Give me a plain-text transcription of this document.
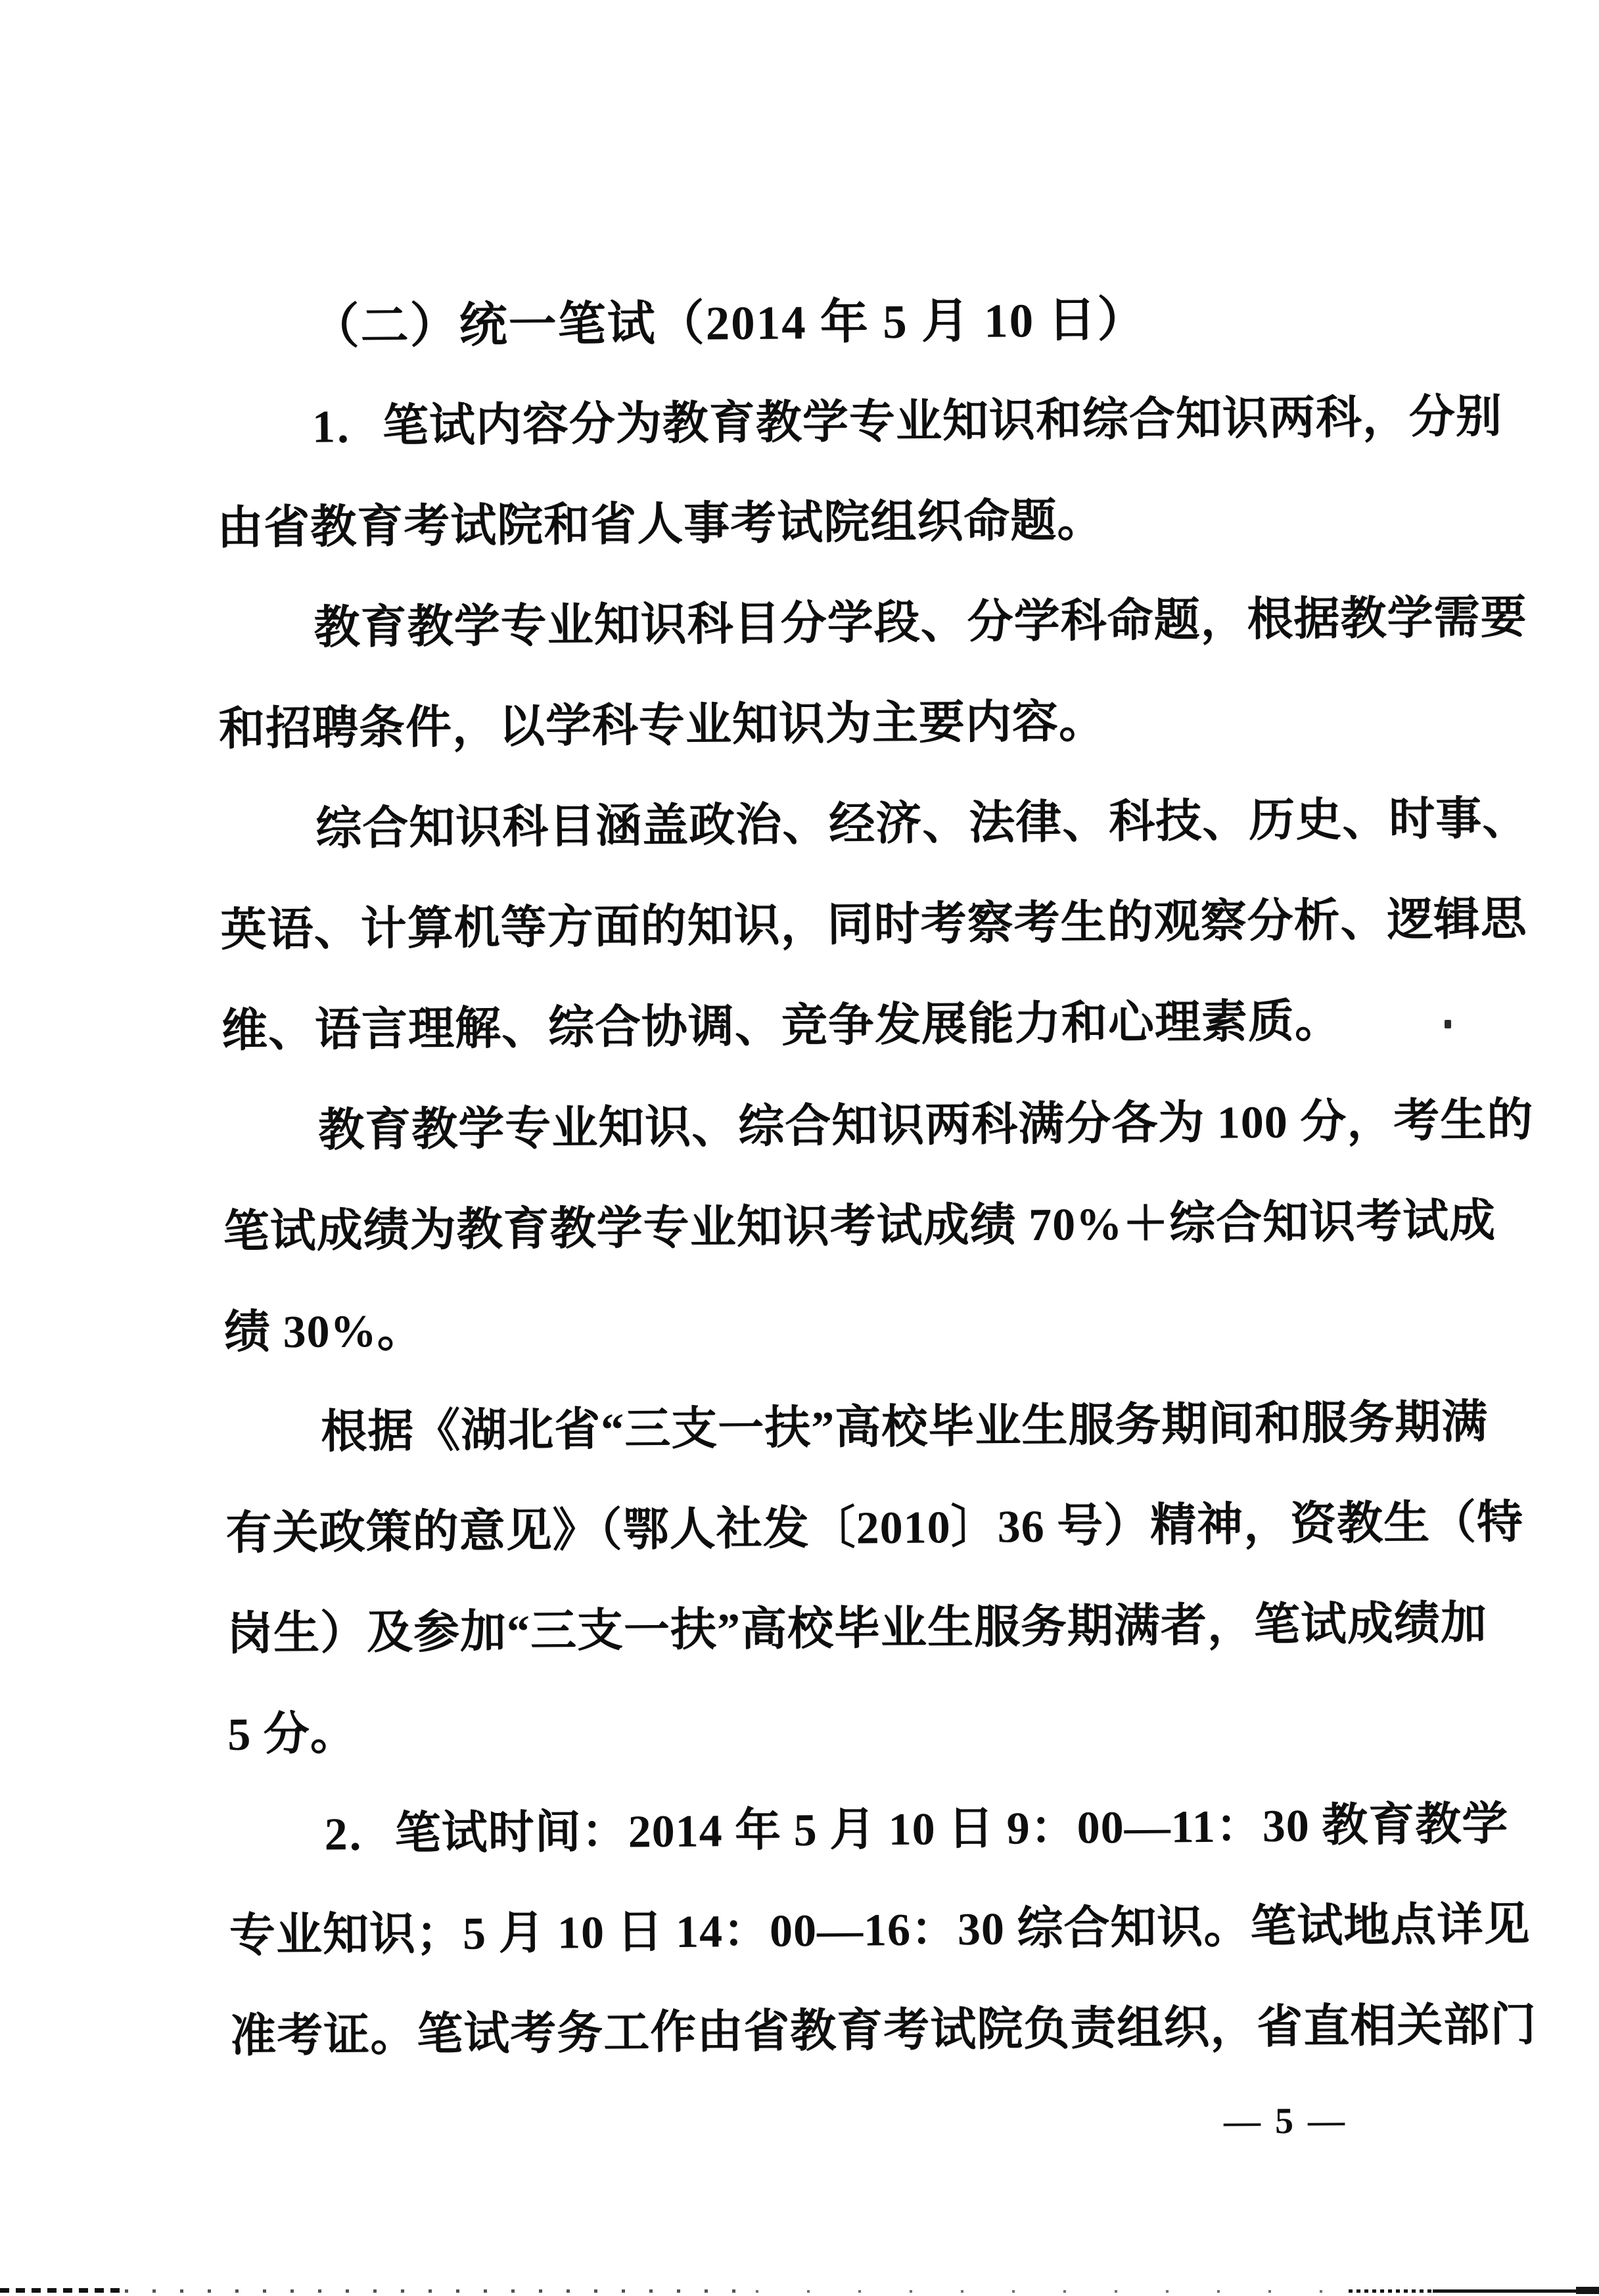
（二）统一笔试（2014 年 5 月 10 日）
1．笔试内容分为教育教学专业知识和综合知识两科，分别
由省教育考试院和省人事考试院组织命题。
教育教学专业知识科目分学段、分学科命题，根据教学需要
和招聘条件，以学科专业知识为主要内容。
综合知识科目涵盖政治、经济、法律、科技、历史、时事、
英语、计算机等方面的知识，同时考察考生的观察分析、逻辑思
维、语言理解、综合协调、竞争发展能力和心理素质。
教育教学专业知识、综合知识两科满分各为 100 分，考生的
笔试成绩为教育教学专业知识考试成绩 70%＋综合知识考试成
绩 30%。
根据《湖北省“三支一扶”高校毕业生服务期间和服务期满
有关政策的意见》（鄂人社发〔2010〕36 号）精神，资教生（特
岗生）及参加“三支一扶”高校毕业生服务期满者，笔试成绩加
5 分。
2．笔试时间：2014 年 5 月 10 日 9：00—11：30 教育教学
专业知识；5 月 10 日 14：00—16：30 综合知识。笔试地点详见
准考证。笔试考务工作由省教育考试院负责组织，省直相关部门
— 5 —
